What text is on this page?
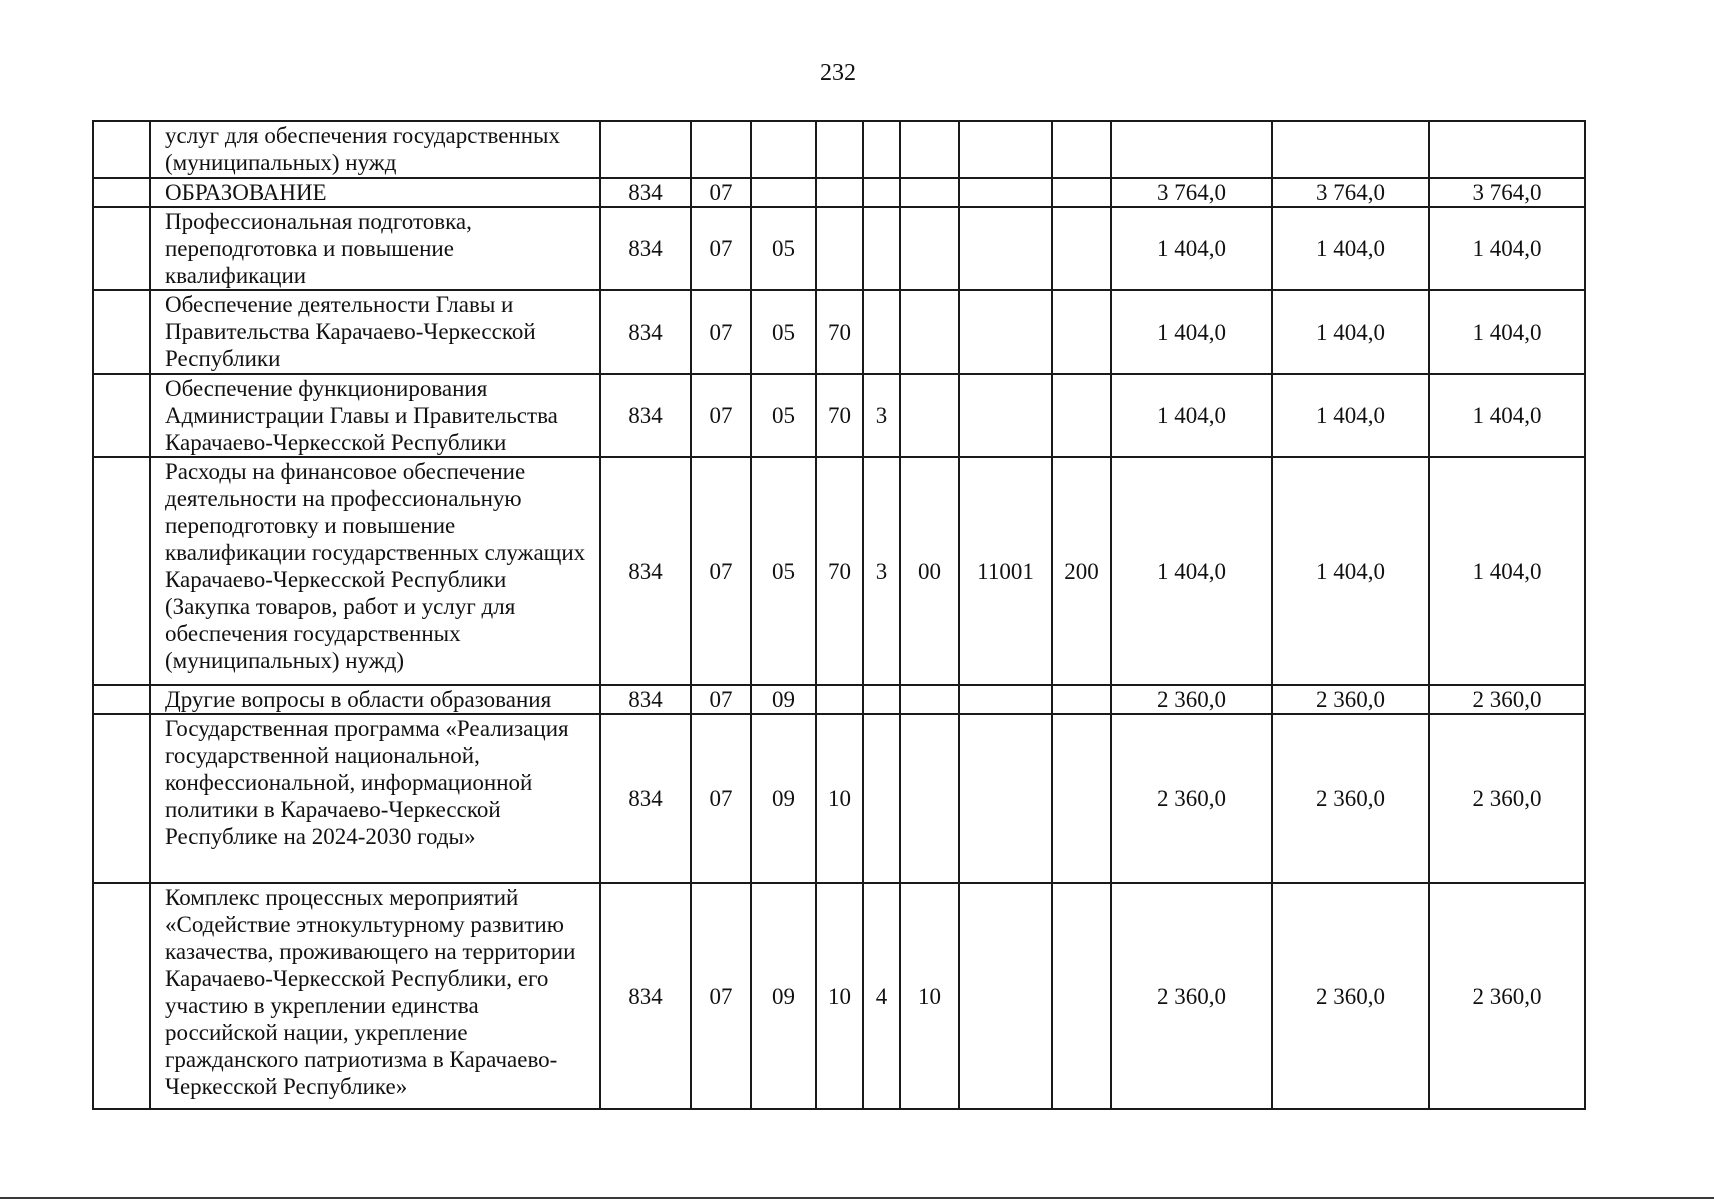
232
	услуг для обеспечения государственных (муниципальных) нужд											
	ОБРАЗОВАНИЕ	834	07							3 764,0	3 764,0	3 764,0
	Профессиональная подготовка, переподготовка и повышение квалификации	834	07	05						1 404,0	1 404,0	1 404,0
	Обеспечение деятельности Главы и Правительства Карачаево-Черкесской Республики	834	07	05	70					1 404,0	1 404,0	1 404,0
	Обеспечение функционирования Администрации Главы и Правительства Карачаево-Черкесской Республики	834	07	05	70	3				1 404,0	1 404,0	1 404,0
	Расходы на финансовое обеспечение деятельности на профессиональную переподготовку и повышение квалификации государственных служащих Карачаево-Черкесской Республики (Закупка товаров, работ и услуг для обеспечения государственных (муниципальных) нужд)	834	07	05	70	3	00	11001	200	1 404,0	1 404,0	1 404,0
	Другие вопросы в области образования	834	07	09						2 360,0	2 360,0	2 360,0
	Государственная программа «Реализация государственной национальной, конфессиональной, информационной политики в Карачаево-Черкесской Республике на 2024-2030 годы»	834	07	09	10					2 360,0	2 360,0	2 360,0
	Комплекс процессных мероприятий «Содействие этнокультурному развитию казачества, проживающего на территории Карачаево-Черкесской Республики, его участию в укреплении единства российской нации, укрепление гражданского патриотизма в Карачаево-Черкесской Республике»	834	07	09	10	4	10			2 360,0	2 360,0	2 360,0
